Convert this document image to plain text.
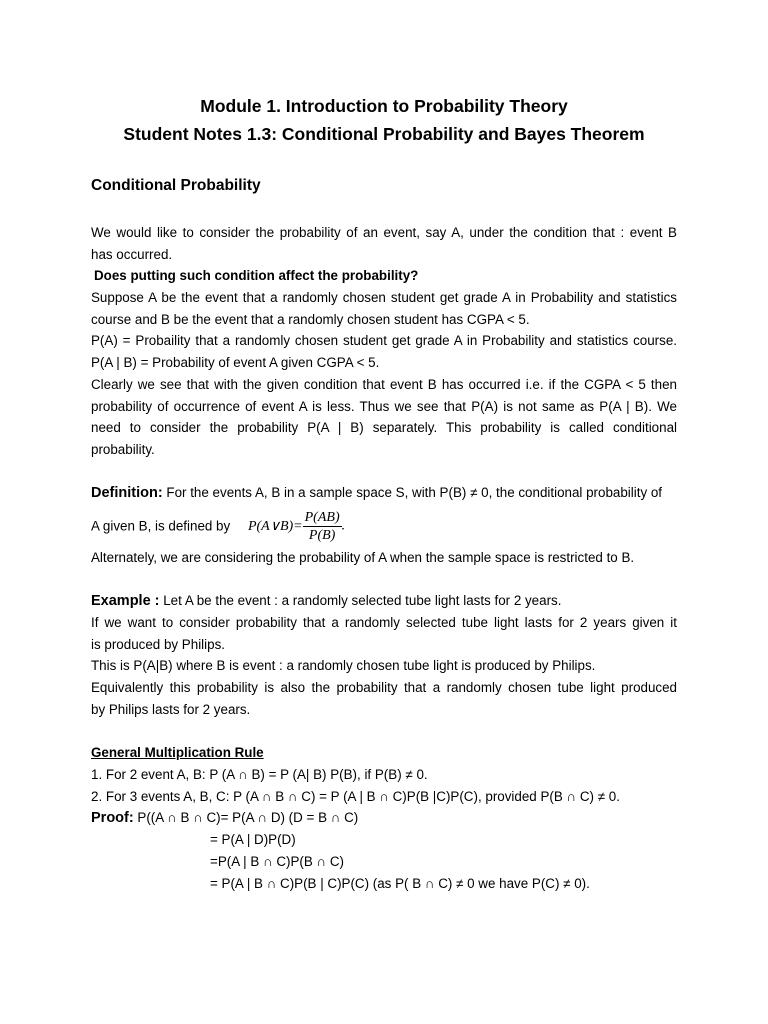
Module 1. Introduction to Probability Theory
Student Notes 1.3: Conditional Probability and Bayes Theorem
Conditional Probability
We would like to consider the probability of an event, say A, under the condition that : event B
has occurred.
Does putting such condition affect the probability?
Suppose A be the event that a randomly chosen student get grade A in Probability and statistics
course and B be the event that a randomly chosen student has CGPA < 5.
P(A) = Probaility that a randomly chosen student get grade A in Probability and statistics course.
P(A | B) = Probability of event A given CGPA < 5.
Clearly we see that with the given condition that event B has occurred i.e. if the CGPA < 5 then
probability of occurrence of event A is less. Thus we see that P(A) is not same as P(A | B). We
need to consider the probability P(A | B) separately. This probability is called conditional
probability.
Definition: For the events A, B in a sample space S, with P(B) ≠ 0, the conditional probability of
A given B, is defined by P(A∨B)= $\frac{P(AB)}{P(B)}$ .
Alternately, we are considering the probability of A when the sample space is restricted to B.
Example : Let A be the event : a randomly selected tube light lasts for 2 years.
If we want to consider probability that a randomly selected tube light lasts for 2 years given it
is produced by Philips.
This is P(A|B) where B is event : a randomly chosen tube light is produced by Philips.
Equivalently this probability is also the probability that a randomly chosen tube light produced
by Philips lasts for 2 years.
General Multiplication Rule
1. For 2 event A, B: P (A ∩ B) = P (A| B) P(B), if P(B) ≠ 0.
2. For 3 events A, B, C: P (A ∩ B ∩ C) = P (A | B ∩ C)P(B |C)P(C), provided P(B ∩ C) ≠ 0.
Proof: P((A ∩ B ∩ C)= P(A ∩ D) (D = B ∩ C)
= P(A | D)P(D)
=P(A | B ∩ C)P(B ∩ C)
= P(A | B ∩ C)P(B | C)P(C) (as P( B ∩ C) ≠ 0 we have P(C) ≠ 0).
